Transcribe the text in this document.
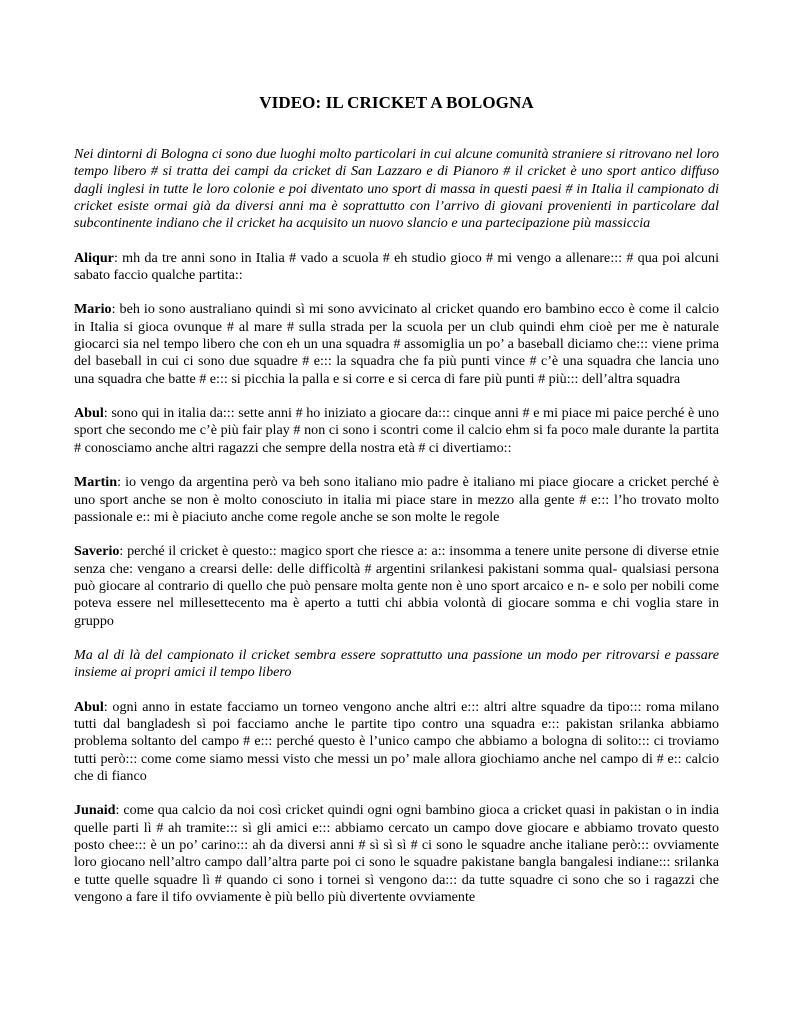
VIDEO: IL CRICKET A BOLOGNA

Nei dintorni di Bologna ci sono due luoghi molto particolari in cui alcune comunità straniere si ritrovano nel loro tempo libero # si tratta dei campi da cricket di San Lazzaro e di Pianoro # il cricket è uno sport antico diffuso dagli inglesi in tutte le loro colonie e poi diventato uno sport di massa in questi paesi # in Italia il campionato di cricket esiste ormai già da diversi anni ma è soprattutto con l’arrivo di giovani provenienti in particolare dal subcontinente indiano che il cricket ha acquisito un nuovo slancio e una partecipazione più massiccia

Aliqur: mh da tre anni sono in Italia # vado a scuola # eh studio gioco # mi vengo a allenare::: # qua poi alcuni sabato faccio qualche partita::

Mario: beh io sono australiano quindi sì mi sono avvicinato al cricket quando ero bambino ecco è come il calcio in Italia si gioca ovunque # al mare # sulla strada per la scuola per un club quindi ehm cioè per me è naturale giocarci sia nel tempo libero che con eh un una squadra # assomiglia un po’ a baseball diciamo che::: viene prima del baseball in cui ci sono due squadre # e::: la squadra che fa più punti vince # c’è una squadra che lancia uno una squadra che batte # e::: si picchia la palla e si corre e si cerca di fare più punti # più::: dell’altra squadra

Abul: sono qui in italia da::: sette anni # ho iniziato a giocare da::: cinque anni # e mi piace mi paice perché è uno sport che secondo me c’è più fair play # non ci sono i scontri come il calcio ehm si fa poco male durante la partita # conosciamo anche altri ragazzi che sempre della nostra età # ci divertiamo::

Martin: io vengo da argentina però va beh sono italiano mio padre è italiano mi piace giocare a cricket perché è uno sport anche se non è molto conosciuto in italia mi piace stare in mezzo alla gente # e::: l’ho trovato molto passionale e:: mi è piaciuto anche come regole anche se son molte le regole

Saverio: perché il cricket è questo:: magico sport che riesce a: a:: insomma a tenere unite persone di diverse etnie senza che: vengano a crearsi delle: delle difficoltà # argentini srilankesi pakistani somma qual- qualsiasi persona può giocare al contrario di quello che può pensare molta gente non è uno sport arcaico e n- e solo per nobili come poteva essere nel millesettecento ma è aperto a tutti chi abbia volontà di giocare somma e chi voglia stare in gruppo

Ma al di là del campionato il cricket sembra essere soprattutto una passione un modo per ritrovarsi e passare insieme ai propri amici il tempo libero

Abul: ogni anno in estate facciamo un torneo vengono anche altri e::: altri altre squadre da tipo::: roma milano tutti dal bangladesh sì poi facciamo anche le partite tipo contro una squadra e::: pakistan srilanka abbiamo problema soltanto del campo # e::: perché questo è l’unico campo che abbiamo a bologna di solito::: ci troviamo tutti però::: come come siamo messi visto che messi un po’ male allora giochiamo anche nel campo di # e:: calcio che di fianco

Junaid: come qua calcio da noi così cricket quindi ogni ogni bambino gioca a cricket quasi in pakistan o in india quelle parti lì # ah tramite::: sì gli amici e::: abbiamo cercato un campo dove giocare e abbiamo trovato questo posto chee::: è un po’ carino::: ah da diversi anni # sì sì sì # ci sono le squadre anche italiane però::: ovviamente loro giocano nell’altro campo dall’altra parte poi ci sono le squadre pakistane bangla bangalesi indiane::: srilanka e tutte quelle squadre lì # quando ci sono i tornei sì vengono da::: da tutte squadre ci sono che so i ragazzi che vengono a fare il tifo ovviamente è più bello più divertente ovviamente
